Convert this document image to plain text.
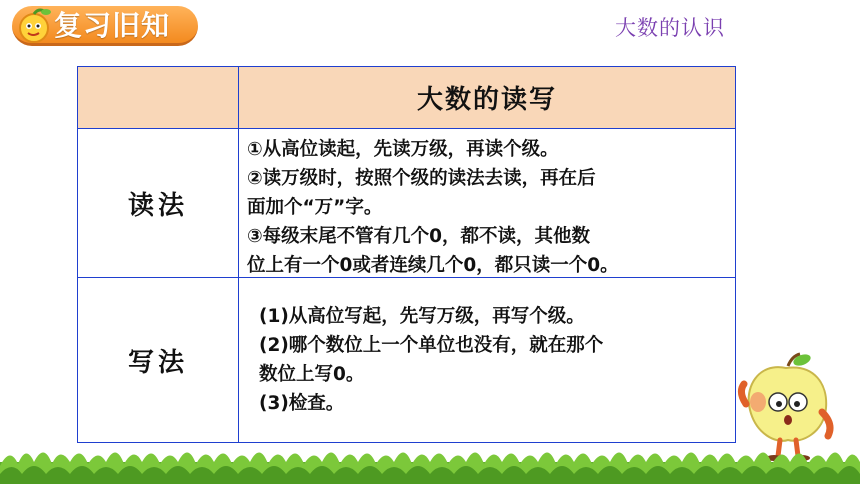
复习旧知	大数的认识
大数的读写
读法
①从高位读起，先读万级，再读个级。
②读万级时，按照个级的读法去读，再在后
面加个“万”字。
③每级末尾不管有几个0，都不读，其他数
位上有一个0或者连续几个0，都只读一个0。
写法
(1)从高位写起，先写万级，再写个级。
(2)哪个数位上一个单位也没有，就在那个
数位上写0。
(3)检查。
